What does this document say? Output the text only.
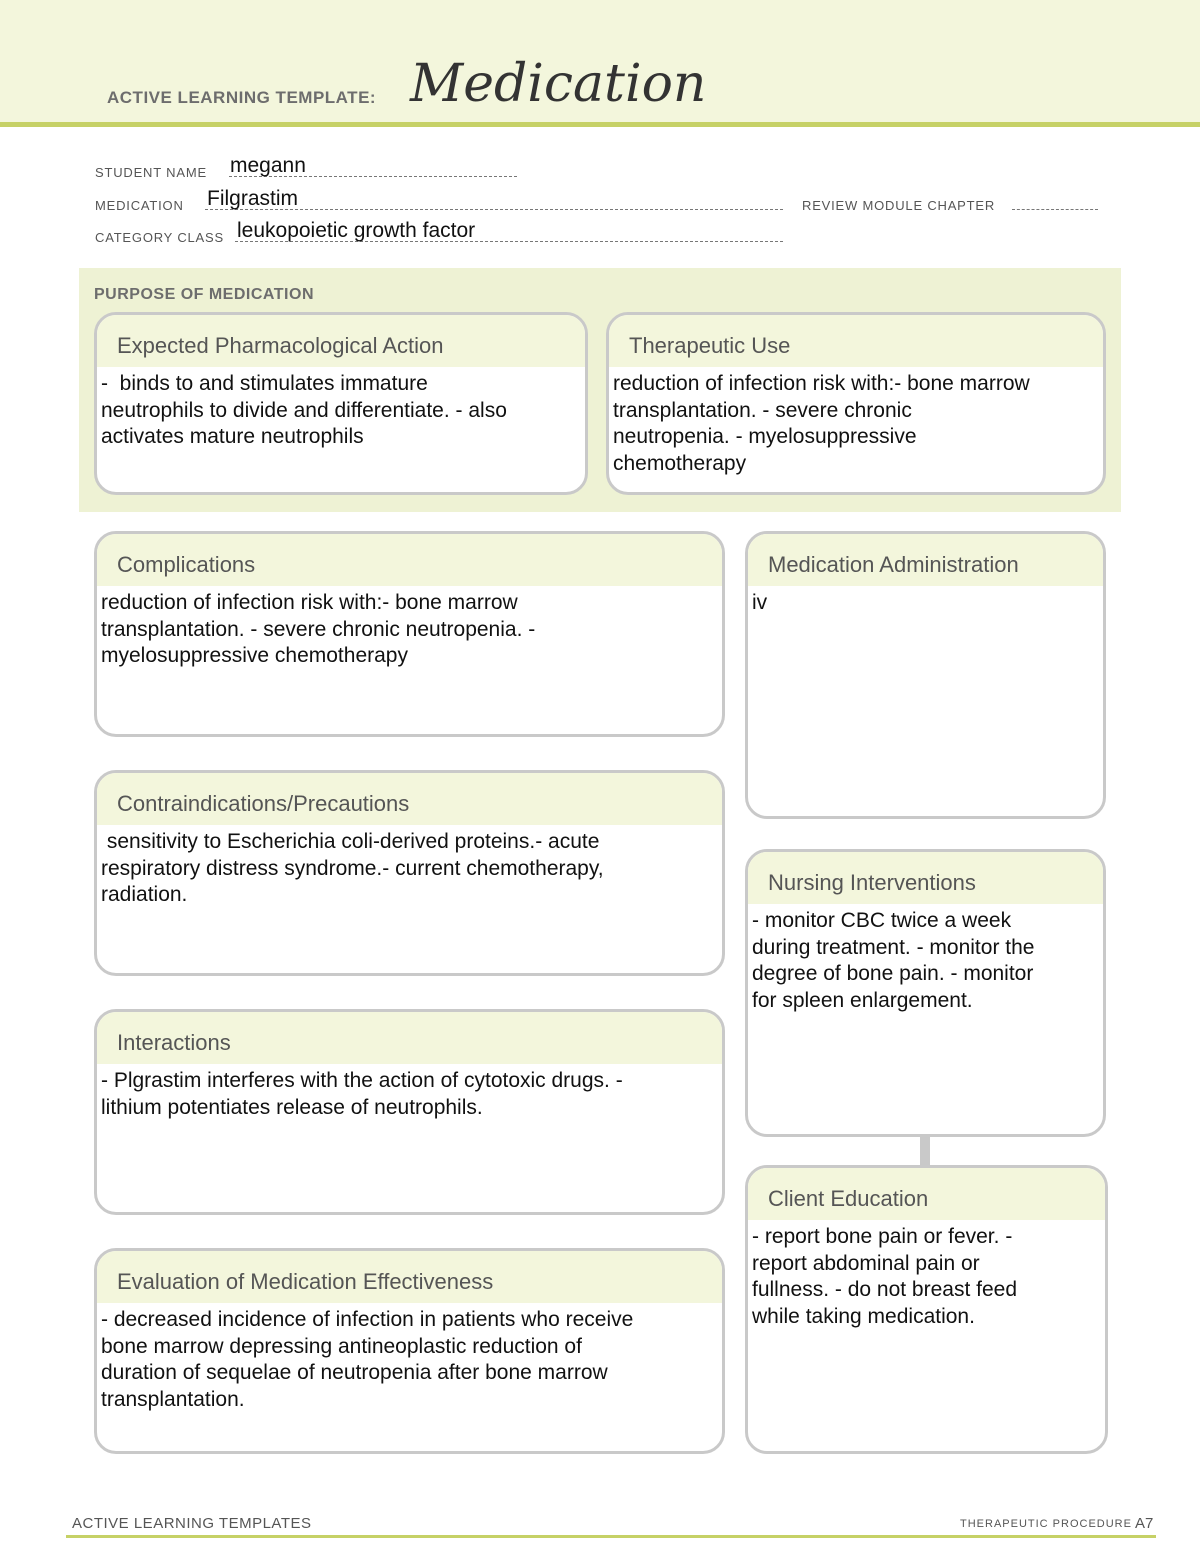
ACTIVE LEARNING TEMPLATE: Medication
STUDENT NAME megann
MEDICATION Filgrastim	REVIEW MODULE CHAPTER
CATEGORY CLASS leukopoietic growth factor
PURPOSE OF MEDICATION
Expected Pharmacological Action
-  binds to and stimulates immature
neutrophils to divide and differentiate. - also
activates mature neutrophils
Therapeutic Use
reduction of infection risk with:- bone marrow
transplantation. - severe chronic
neutropenia. - myelosuppressive
chemotherapy
Complications
reduction of infection risk with:- bone marrow
transplantation. - severe chronic neutropenia. -
myelosuppressive chemotherapy
Contraindications/Precautions
sensitivity to Escherichia coli-derived proteins.- acute
respiratory distress syndrome.- current chemotherapy,
radiation.
Interactions
- Plgrastim interferes with the action of cytotoxic drugs. -
lithium potentiates release of neutrophils.
Evaluation of Medication Effectiveness
- decreased incidence of infection in patients who receive
bone marrow depressing antineoplastic reduction of
duration of sequelae of neutropenia after bone marrow
transplantation.
Medication Administration
iv
Nursing Interventions
- monitor CBC twice a week
during treatment. - monitor the
degree of bone pain. - monitor
for spleen enlargement.
Client Education
- report bone pain or fever. -
report abdominal pain or
fullness. - do not breast feed
while taking medication.
ACTIVE LEARNING TEMPLATES	THERAPEUTIC PROCEDURE A7
